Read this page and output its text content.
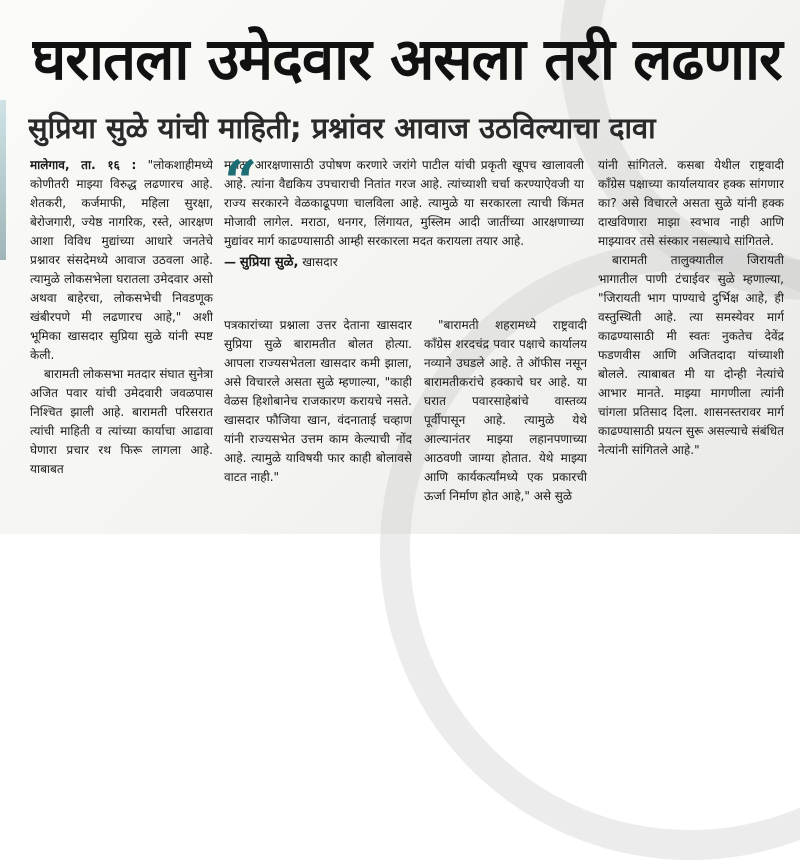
घरातला उमेदवार असला तरी लढणार
सुप्रिया सुळे यांची माहिती; प्रश्नांवर आवाज उठविल्याचा दावा

मालेगाव, ता. १६ : "लोकशाहीमध्ये कोणीतरी माझ्या विरुद्ध लढणारच आहे. शेतकरी, कर्जमाफी, महिला सुरक्षा, बेरोजगारी, ज्येष्ठ नागरिक, रस्ते, आरक्षण आशा विविध मुद्यांच्या आधारे जनतेचे प्रश्नावर संसदेमध्ये आवाज उठवला आहे. त्यामुळे लोकसभेला घरातला उमेदवार असो अथवा बाहेरचा, लोकसभेची निवडणूक खंबीरपणे मी लढणारच आहे," अशी भूमिका खासदार सुप्रिया सुळे यांनी स्पष्ट केली.

बारामती लोकसभा मतदार संघात सुनेत्रा अजित पवार यांची उमेदवारी जवळपास निश्चित झाली आहे. बारामती परिसरात त्यांची माहिती व त्यांच्या कार्याचा आढावा घेणारा प्रचार रथ फिरू लागला आहे. याबाबत

“

मराठा आरक्षणासाठी उपोषण करणारे जरांगे पाटील यांची प्रकृती खूपच खालावली आहे. त्यांना वैद्यकिय उपचाराची नितांत गरज आहे. त्यांच्याशी चर्चा करण्याऐवजी या राज्य सरकारने वेळकाढूपणा चालविला आहे. त्यामुळे या सरकारला त्याची किंमत मोजावी लागेल. मराठा, धनगर, लिंगायत, मुस्लिम आदी जातींच्या आरक्षणाच्या मुद्यांवर मार्ग काढण्यासाठी आम्ही सरकारला मदत करायला तयार आहे.

— सुप्रिया सुळे, खासदार

पत्रकारांच्या प्रश्नाला उत्तर देताना खासदार सुप्रिया सुळे बारामतीत बोलत होत्या. आपला राज्यसभेतला खासदार कमी झाला, असे विचारले असता सुळे म्हणाल्या, "काही वेळस हिशोबानेच राजकारण करायचे नसते. खासदार फौजिया खान, वंदनाताई चव्हाण यांनी राज्यसभेत उत्तम काम केल्याची नोंद आहे. त्यामुळे याविषयी फार काही बोलावसे वाटत नाही."

"बारामती शहरामध्ये राष्ट्रवादी कॉंग्रेस शरदचंद्र पवार पक्षाचे कार्यालय नव्याने उघडले आहे. ते ऑफीस नसून बारामतीकरांचे हक्काचे घर आहे. या घरात पवारसाहेबांचे वास्तव्य पूर्वीपासून आहे. त्यामुळे येथे आल्यानंतर माझ्या लहानपणाच्या आठवणी जाग्या होतात. येथे माझ्या आणि कार्यकर्त्यांमध्ये एक प्रकारची ऊर्जा निर्माण होत आहे," असे सुळे

यांनी सांगितले. कसबा येथील राष्ट्रवादी कॉंग्रेस पक्षाच्या कार्यालयावर हक्क सांगणार का? असे विचारले असता सुळे यांनी हक्क दाखविणारा माझा स्वभाव नाही आणि माझ्यावर तसे संस्कार नसल्याचे सांगितले.

बारामती तालुक्यातील जिरायती भागातील पाणी टंचाईवर सुळे म्हणाल्या, "जिरायती भाग पाण्याचे दुर्भिक्ष आहे, ही वस्तुस्थिती आहे. त्या समस्येवर मार्ग काढण्यासाठी मी स्वतः नुकतेच देवेंद्र फडणवीस आणि अजितदादा यांच्याशी बोलले. त्याबाबत मी या दोन्ही नेत्यांचे आभार मानते. माझ्या मागणीला त्यांनी चांगला प्रतिसाद दिला. शासनस्तरावर मार्ग काढण्यासाठी प्रयत्न सुरू असल्याचे संबंधित नेत्यांनी सांगितले आहे."
